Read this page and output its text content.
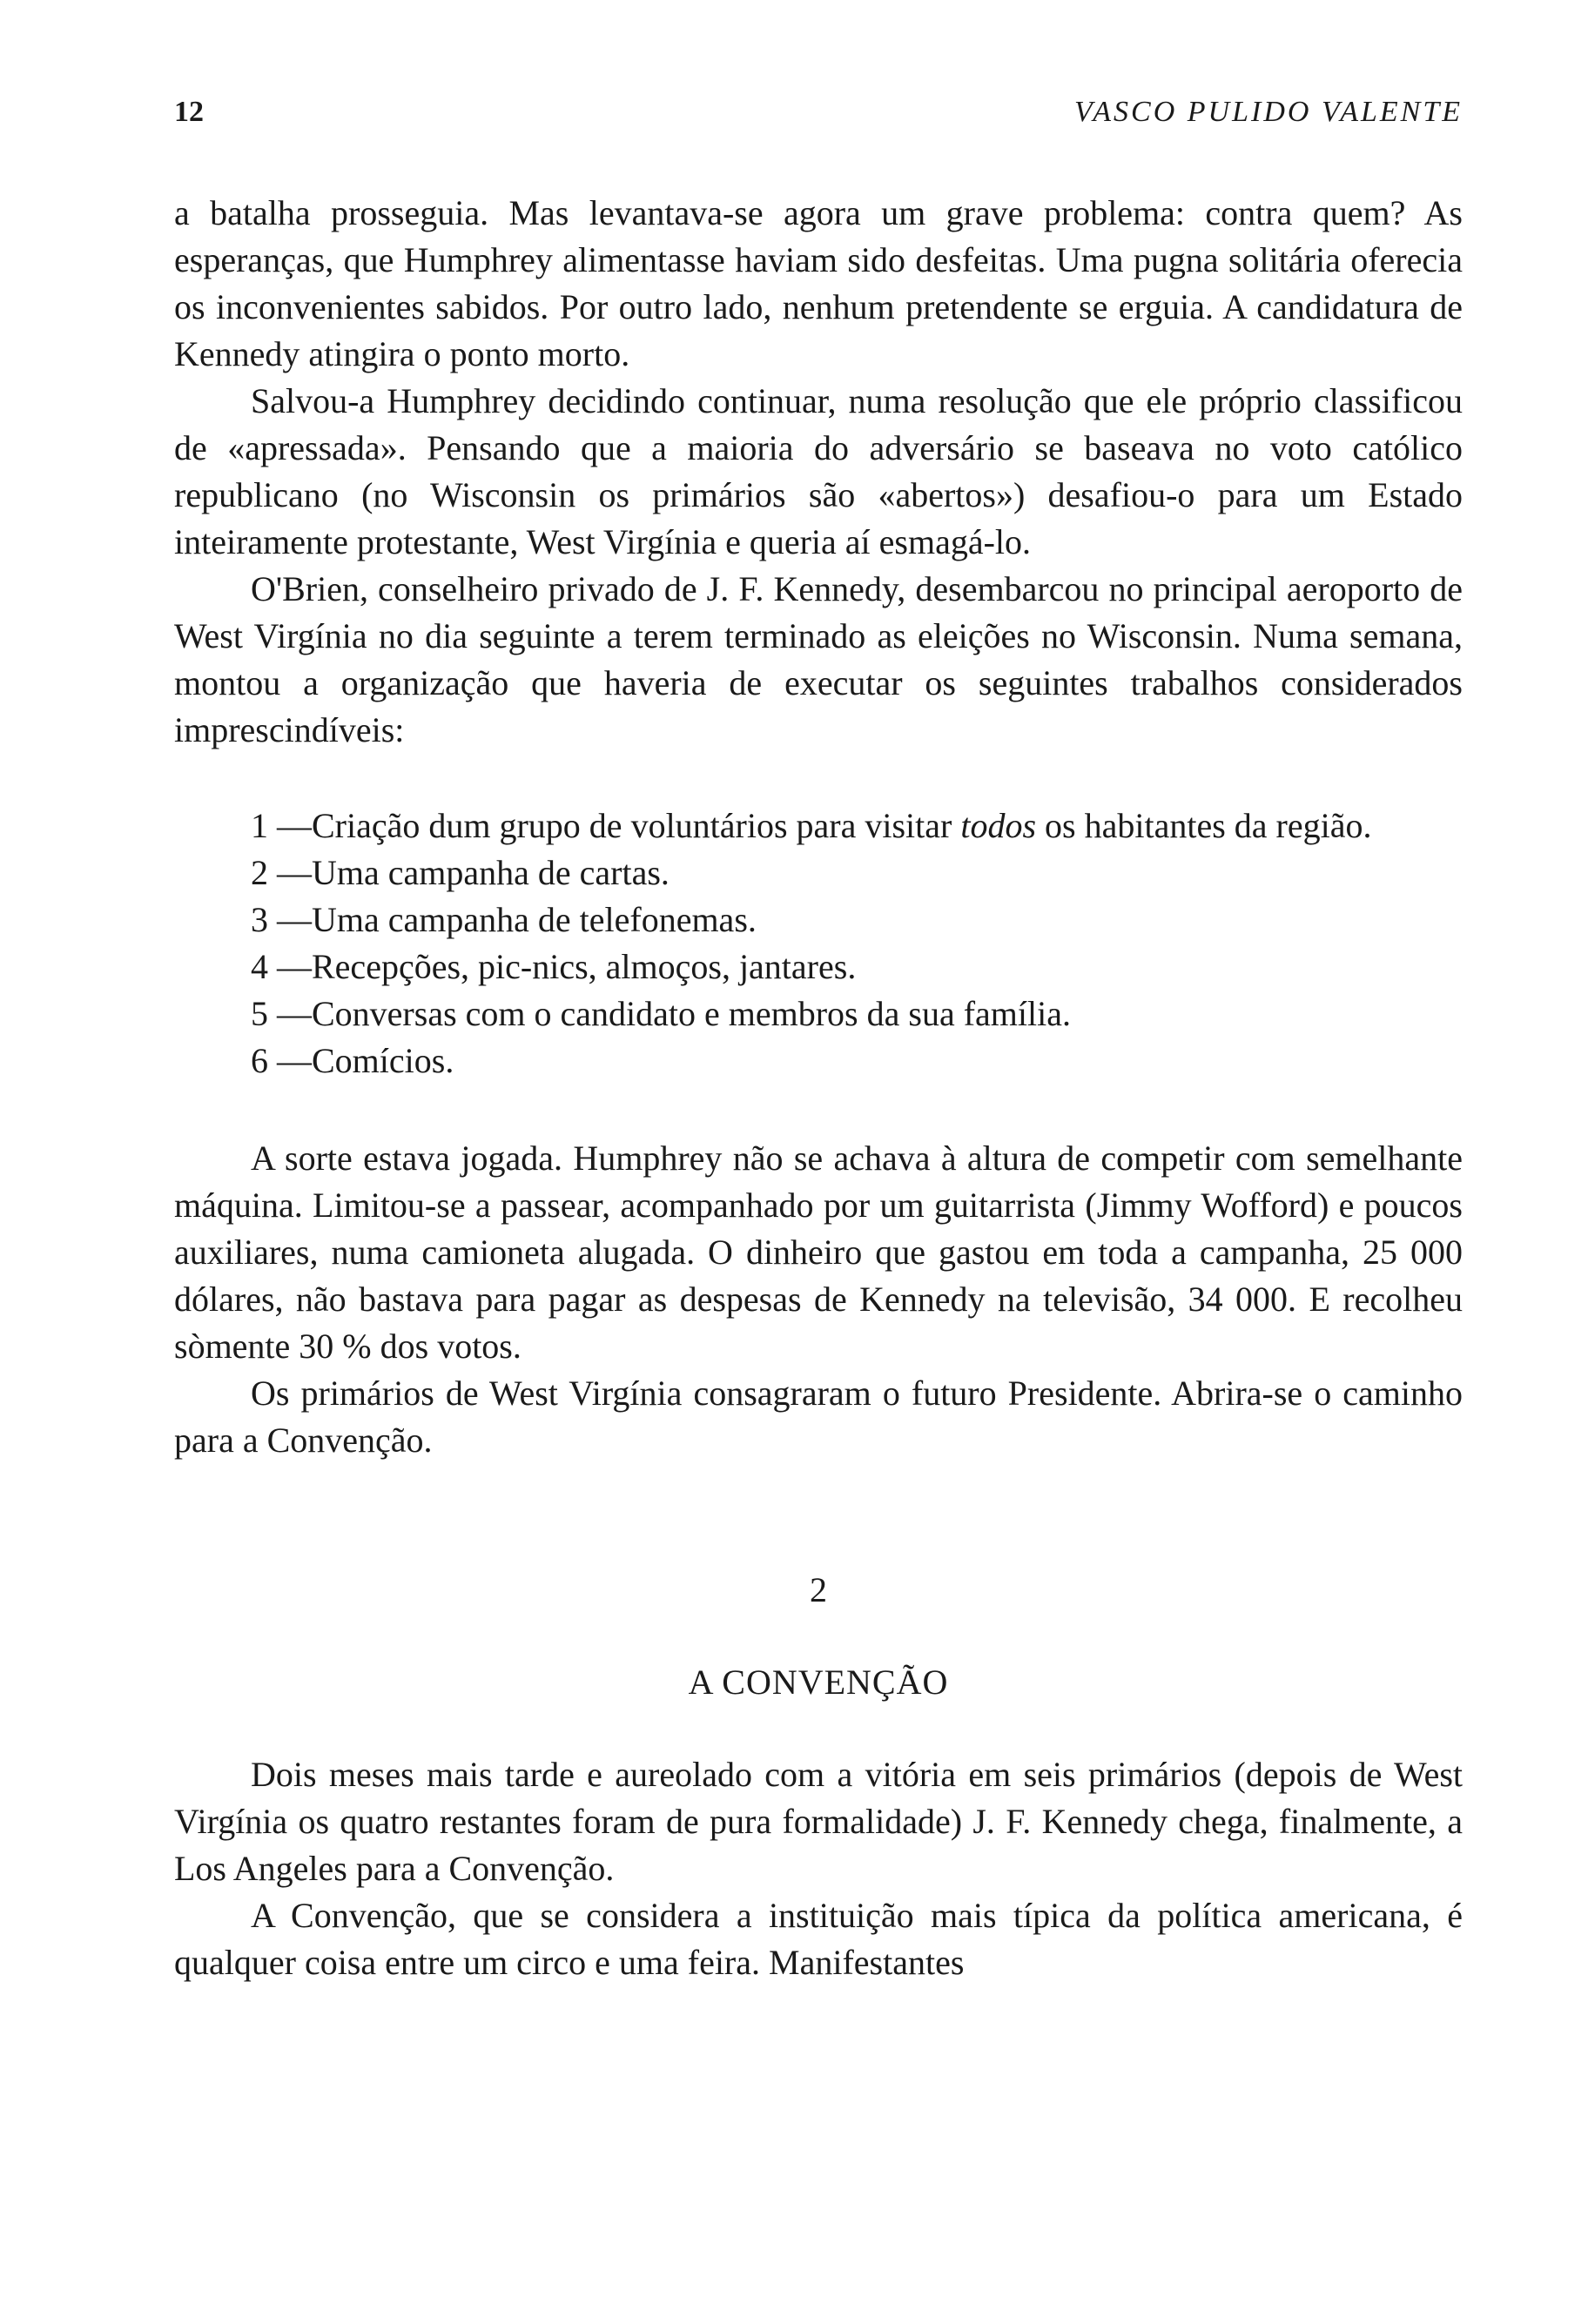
12	VASCO PULIDO VALENTE

a batalha prosseguia. Mas levantava-se agora um grave problema: contra quem? As esperanças, que Humphrey alimentasse haviam sido desfeitas. Uma pugna solitária oferecia os inconvenientes sabidos. Por outro lado, nenhum pretendente se erguia. A candidatura de Kennedy atingira o ponto morto.

Salvou-a Humphrey decidindo continuar, numa resolução que ele próprio classificou de «apressada». Pensando que a maioria do adversário se baseava no voto católico republicano (no Wisconsin os primários são «abertos») desafiou-o para um Estado inteiramente protestante, West Virgínia e queria aí esmagá-lo.

O'Brien, conselheiro privado de J. F. Kennedy, desembarcou no principal aeroporto de West Virgínia no dia seguinte a terem terminado as eleições no Wisconsin. Numa semana, montou a organização que haveria de executar os seguintes trabalhos considerados imprescindíveis:

1 — Criação dum grupo de voluntários para visitar todos os habitantes da região.
2 — Uma campanha de cartas.
3 — Uma campanha de telefonemas.
4 — Recepções, pic-nics, almoços, jantares.
5 — Conversas com o candidato e membros da sua família.
6 — Comícios.

A sorte estava jogada. Humphrey não se achava à altura de competir com semelhante máquina. Limitou-se a passear, acompanhado por um guitarrista (Jimmy Wofford) e poucos auxiliares, numa camioneta alugada. O dinheiro que gastou em toda a campanha, 25 000 dólares, não bastava para pagar as despesas de Kennedy na televisão, 34 000. E recolheu sòmente 30 % dos votos.

Os primários de West Virgínia consagraram o futuro Presidente. Abrira-se o caminho para a Convenção.

2
A CONVENÇÃO

Dois meses mais tarde e aureolado com a vitória em seis primários (depois de West Virgínia os quatro restantes foram de pura formalidade) J. F. Kennedy chega, finalmente, a Los Angeles para a Convenção.

A Convenção, que se considera a instituição mais típica da política americana, é qualquer coisa entre um circo e uma feira. Manifestantes
